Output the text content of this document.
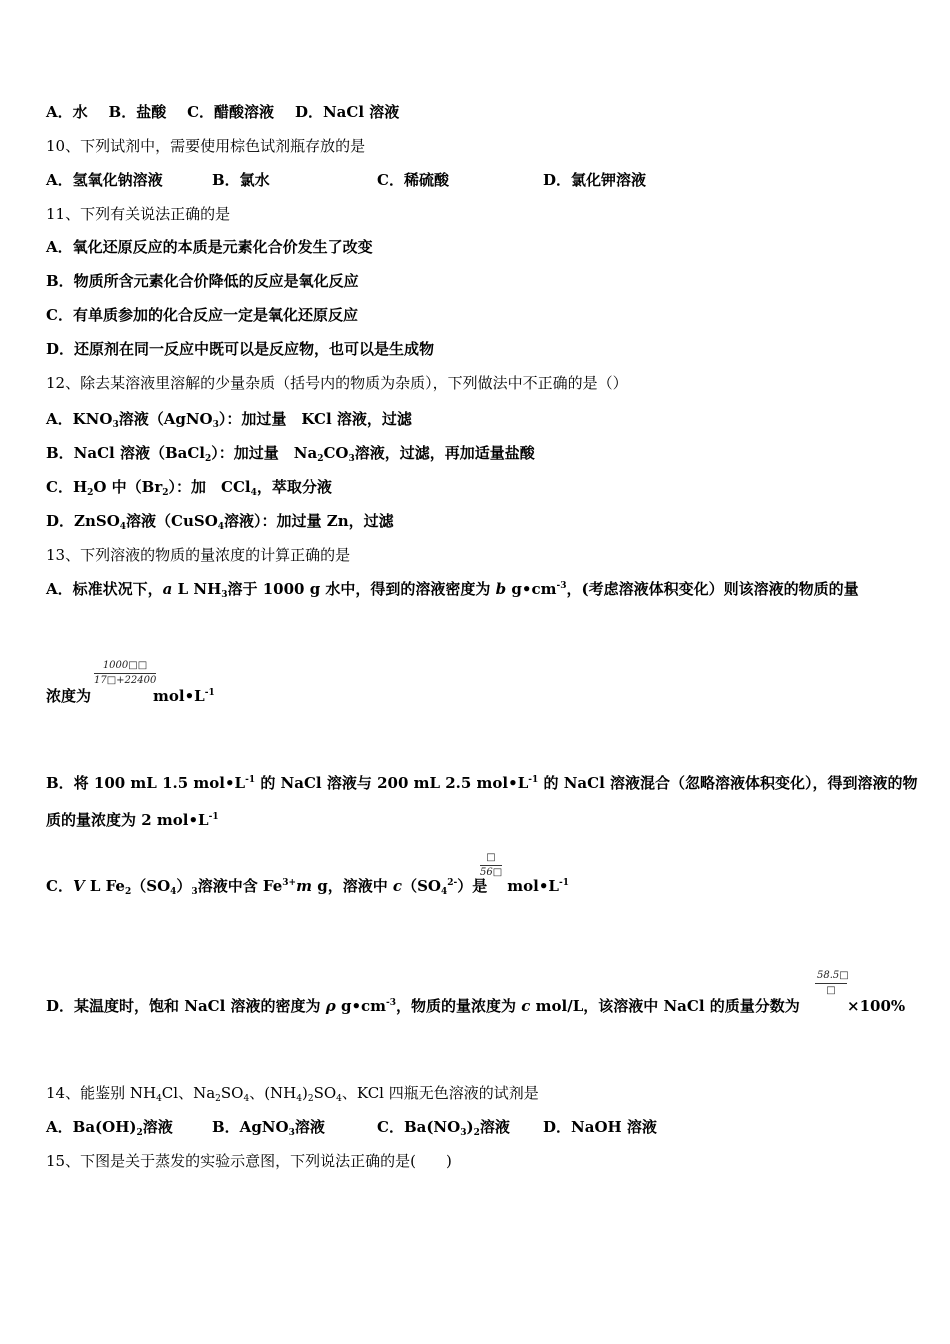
A．水 B．盐酸 C．醋酸溶液 D．NaCl 溶液
10、下列试剂中，需要使用棕色试剂瓶存放的是
A．氢氧化钠溶液	B．氯水	C．稀硫酸	D．氯化钾溶液
11、下列有关说法正确的是
A．氧化还原反应的本质是元素化合价发生了改变
B．物质所含元素化合价降低的反应是氧化反应
C．有单质参加的化合反应一定是氧化还原反应
D．还原剂在同一反应中既可以是反应物，也可以是生成物
12、除去某溶液里溶解的少量杂质（括号内的物质为杂质），下列做法中不正确的是（）
A．$KNO_3$溶液（AgNO$_3$）：加过量　KCl 溶液，过滤
B．NaCl 溶液（BaCl$_2$）：加过量　$Na_2CO_3$溶液，过滤，再加适量盐酸
C．$H_2O$ 中$(Br_2)$：加　CCl$_4$，萃取分液
D．ZnSO$_4$溶液（CuSO$_4$溶液）：加过量 Zn，过滤
13、下列溶液的物质的量浓度的计算正确的是
A．标准状况下，a L $NH_3$溶于 1000 g 水中，得到的溶液密度为 b $g•cm^{-3}$，(考虑溶液体积变化）则该溶液的物质的量
$\frac{1000□□}{17□+22400}$
浓度为	$mol•L^{-1}$
B．将 100 mL 1.5 $mol•L^{-1}$ 的 NaCl 溶液与 200 mL 2.5 $mol•L^{-1}$ 的 NaCl 溶液混合（忽略溶液体积变化），得到溶液的物
质的量浓度为 2 $mol•L^{-1}$
□
56□
C．V L $Fe_2(SO_4)_3$溶液中含 $Fe^{3+}m$ g，溶液中 $c(SO_4^{2-})$是 $mol•L^{-1}$
58.5□
□
D．某温度时，饱和 NaCl 溶液的密度为 ρ $g•cm^{-3}$，物质的量浓度为 c mol/L，该溶液中 NaCl 的质量分数为	×100%
14、能鉴别 $NH_4Cl$、$Na_2SO_4$、$(NH_4)_2SO_4$、KCl 四瓶无色溶液的试剂是
A．$Ba(OH)_2$溶液	B．AgNO$_3$溶液	C．$Ba(NO_3)_2$溶液 D．NaOH 溶液
15、下图是关于蒸发的实验示意图，下列说法正确的是(　　)
